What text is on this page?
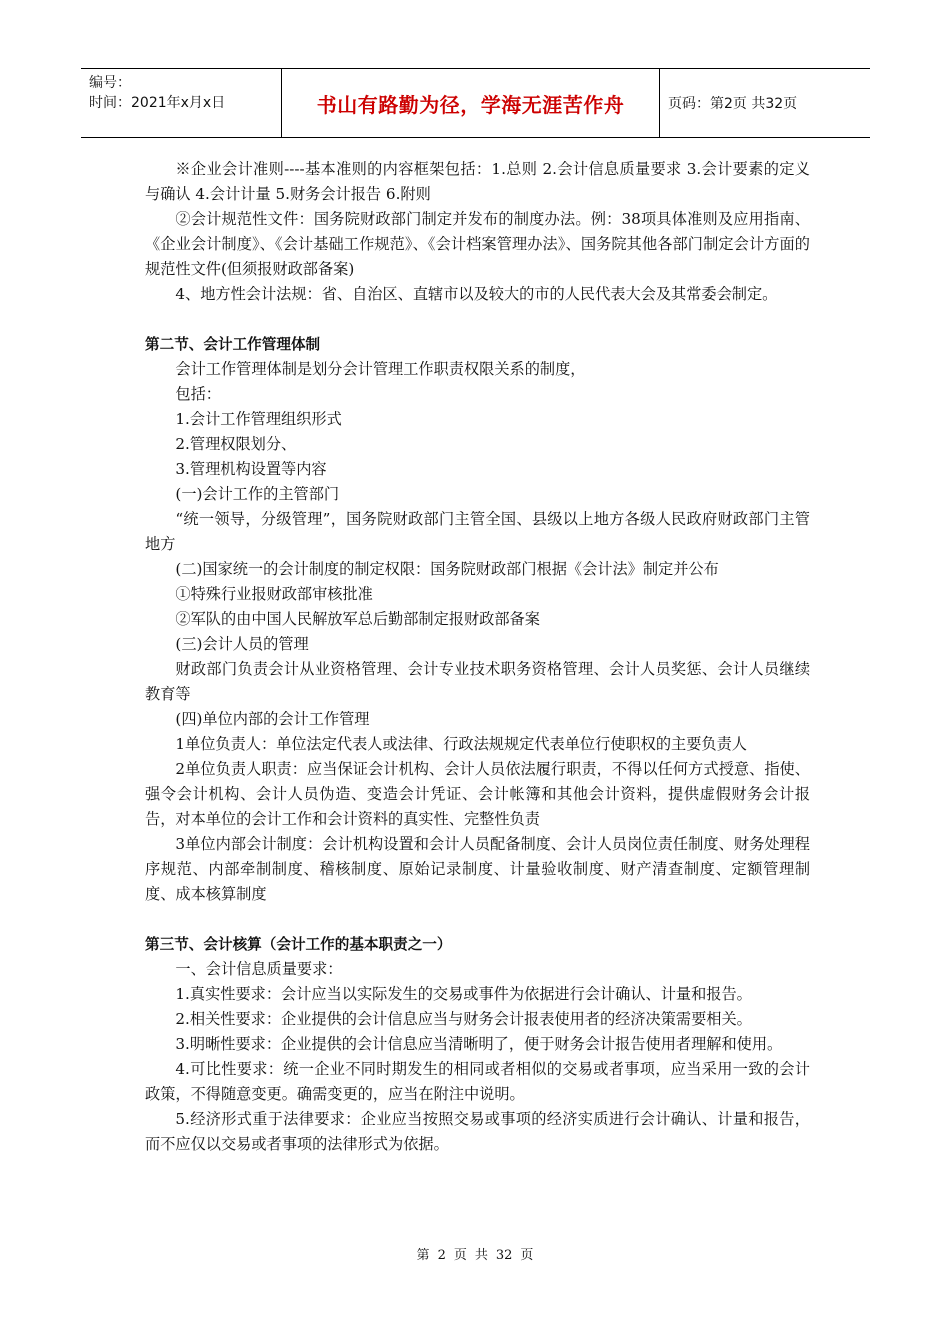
编号：
时间：2021年x月x日	书山有路勤为径，学海无涯苦作舟	页码：第2页 共32页

※企业会计准则----基本准则的内容框架包括：1.总则 2.会计信息质量要求 3.会计要素的定义与确认 4.会计计量 5.财务会计报告 6.附则

②会计规范性文件：国务院财政部门制定并发布的制度办法。例：38项具体准则及应用指南、《企业会计制度》、《会计基础工作规范》、《会计档案管理办法》、国务院其他各部门制定会计方面的规范性文件(但须报财政部备案)

4、地方性会计法规：省、自治区、直辖市以及较大的市的人民代表大会及其常委会制定。

第二节、会计工作管理体制

会计工作管理体制是划分会计管理工作职责权限关系的制度，

包括：

1.会计工作管理组织形式

2.管理权限划分、

3.管理机构设置等内容

(一)会计工作的主管部门

“统一领导，分级管理”，国务院财政部门主管全国、县级以上地方各级人民政府财政部门主管地方

(二)国家统一的会计制度的制定权限：国务院财政部门根据《会计法》制定并公布

①特殊行业报财政部审核批准

②军队的由中国人民解放军总后勤部制定报财政部备案

(三)会计人员的管理

财政部门负责会计从业资格管理、会计专业技术职务资格管理、会计人员奖惩、会计人员继续教育等

(四)单位内部的会计工作管理

1单位负责人：单位法定代表人或法律、行政法规规定代表单位行使职权的主要负责人

2单位负责人职责：应当保证会计机构、会计人员依法履行职责，不得以任何方式授意、指使、强令会计机构、会计人员伪造、变造会计凭证、会计帐簿和其他会计资料，提供虚假财务会计报告，对本单位的会计工作和会计资料的真实性、完整性负责

3单位内部会计制度：会计机构设置和会计人员配备制度、会计人员岗位责任制度、财务处理程序规范、内部牵制制度、稽核制度、原始记录制度、计量验收制度、财产清查制度、定额管理制度、成本核算制度

第三节、会计核算（会计工作的基本职责之一）

一、会计信息质量要求：

1.真实性要求：会计应当以实际发生的交易或事件为依据进行会计确认、计量和报告。

2.相关性要求：企业提供的会计信息应当与财务会计报表使用者的经济决策需要相关。

3.明晰性要求：企业提供的会计信息应当清晰明了，便于财务会计报告使用者理解和使用。

4.可比性要求：统一企业不同时期发生的相同或者相似的交易或者事项，应当采用一致的会计政策，不得随意变更。确需变更的，应当在附注中说明。

5.经济形式重于法律要求：企业应当按照交易或事项的经济实质进行会计确认、计量和报告，而不应仅以交易或者事项的法律形式为依据。

第 2 页 共 32 页
